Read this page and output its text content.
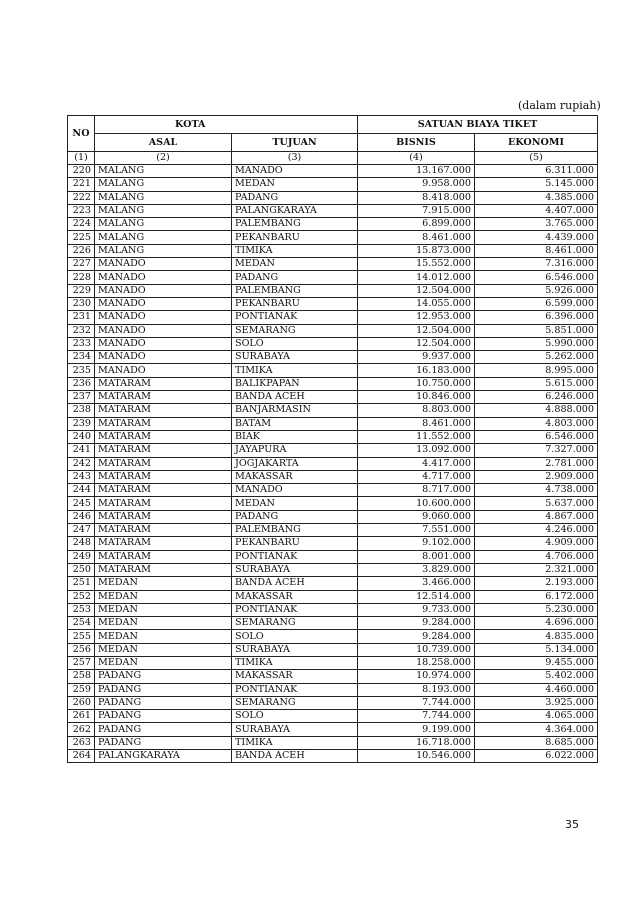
(dalam rupiah)
NO	KOTA		SATUAN BIAYA TIKET	
	ASAL	TUJUAN	BISNIS	EKONOMI
(1)	(2)	(3)	(4)	(5)
220	MALANG	MANADO	13.167.000	6.311.000
221	MALANG	MEDAN	9.958.000	5.145.000
222	MALANG	PADANG	8.418.000	4.385.000
223	MALANG	PALANGKARAYA	7.915.000	4.407.000
224	MALANG	PALEMBANG	6.899.000	3.765.000
225	MALANG	PEKANBARU	8.461.000	4.439.000
226	MALANG	TIMIKA	15.873.000	8.461.000
227	MANADO	MEDAN	15.552.000	7.316.000
228	MANADO	PADANG	14.012.000	6.546.000
229	MANADO	PALEMBANG	12.504.000	5.926.000
230	MANADO	PEKANBARU	14.055.000	6.599.000
231	MANADO	PONTIANAK	12.953.000	6.396.000
232	MANADO	SEMARANG	12.504.000	5.851.000
233	MANADO	SOLO	12.504.000	5.990.000
234	MANADO	SURABAYA	9.937.000	5.262.000
235	MANADO	TIMIKA	16.183.000	8.995.000
236	MATARAM	BALIKPAPAN	10.750.000	5.615.000
237	MATARAM	BANDA ACEH	10.846.000	6.246.000
238	MATARAM	BANJARMASIN	8.803.000	4.888.000
239	MATARAM	BATAM	8.461.000	4.803.000
240	MATARAM	BIAK	11.552.000	6.546.000
241	MATARAM	JAYAPURA	13.092.000	7.327.000
242	MATARAM	JOGJAKARTA	4.417.000	2.781.000
243	MATARAM	MAKASSAR	4.717.000	2.909.000
244	MATARAM	MANADO	8.717.000	4.738.000
245	MATARAM	MEDAN	10.600.000	5.637.000
246	MATARAM	PADANG	9.060.000	4.867.000
247	MATARAM	PALEMBANG	7.551.000	4.246.000
248	MATARAM	PEKANBARU	9.102.000	4.909.000
249	MATARAM	PONTIANAK	8.001.000	4.706.000
250	MATARAM	SURABAYA	3.829.000	2.321.000
251	MEDAN	BANDA ACEH	3.466.000	2.193.000
252	MEDAN	MAKASSAR	12.514.000	6.172.000
253	MEDAN	PONTIANAK	9.733.000	5.230.000
254	MEDAN	SEMARANG	9.284.000	4.696.000
255	MEDAN	SOLO	9.284.000	4.835.000
256	MEDAN	SURABAYA	10.739.000	5.134.000
257	MEDAN	TIMIKA	18.258.000	9.455.000
258	PADANG	MAKASSAR	10.974.000	5.402.000
259	PADANG	PONTIANAK	8.193.000	4.460.000
260	PADANG	SEMARANG	7.744.000	3.925.000
261	PADANG	SOLO	7.744.000	4.065.000
262	PADANG	SURABAYA	9.199.000	4.364.000
263	PADANG	TIMIKA	16.718.000	8.685.000
264	PALANGKARAYA	BANDA ACEH	10.546.000	6.022.000
35
